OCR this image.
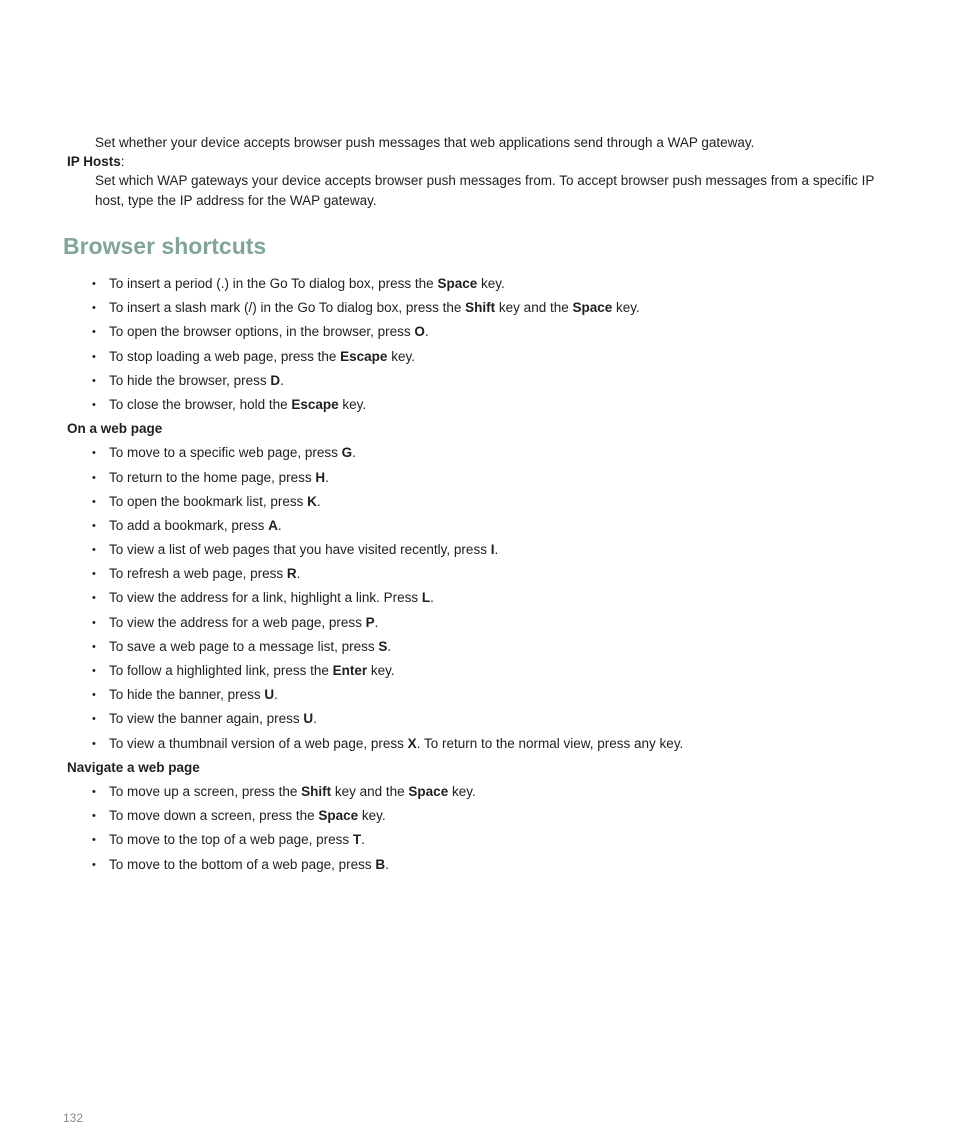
Set whether your device accepts browser push messages that web applications send through a WAP gateway.
IP Hosts:
Set which WAP gateways your device accepts browser push messages from. To accept browser push messages from a specific IP host, type the IP address for the WAP gateway.
Browser shortcuts
• To insert a period (.) in the Go To dialog box, press the Space key.
• To insert a slash mark (/) in the Go To dialog box, press the Shift key and the Space key.
• To open the browser options, in the browser, press O.
• To stop loading a web page, press the Escape key.
• To hide the browser, press D.
• To close the browser, hold the Escape key.
On a web page
• To move to a specific web page, press G.
• To return to the home page, press H.
• To open the bookmark list, press K.
• To add a bookmark, press A.
• To view a list of web pages that you have visited recently, press I.
• To refresh a web page, press R.
• To view the address for a link, highlight a link. Press L.
• To view the address for a web page, press P.
• To save a web page to a message list, press S.
• To follow a highlighted link, press the Enter key.
• To hide the banner, press U.
• To view the banner again, press U.
• To view a thumbnail version of a web page, press X. To return to the normal view, press any key.
Navigate a web page
• To move up a screen, press the Shift key and the Space key.
• To move down a screen, press the Space key.
• To move to the top of a web page, press T.
• To move to the bottom of a web page, press B.
132
